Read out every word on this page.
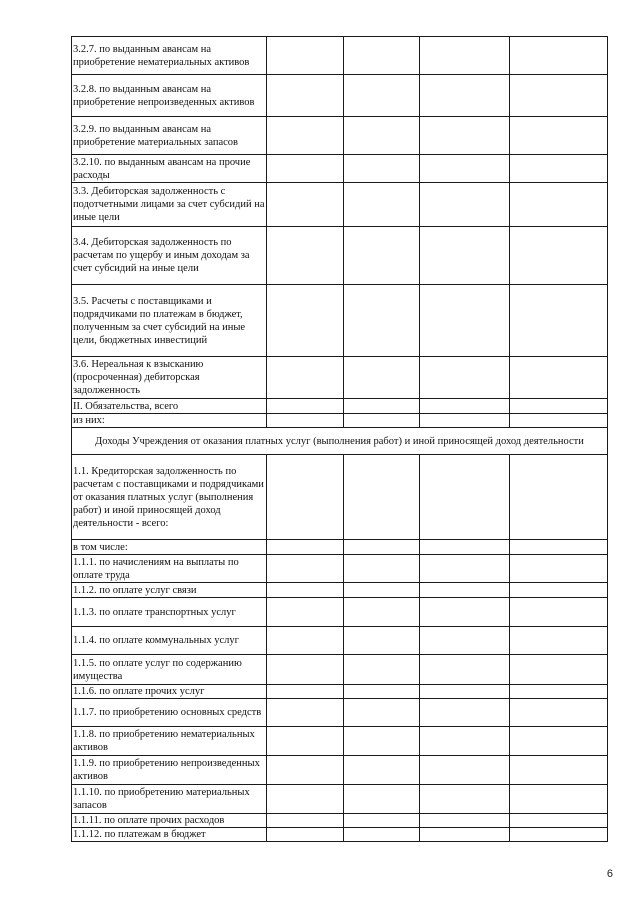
3.2.7. по выданным авансам на приобретение нематериальных активов				
3.2.8. по выданным авансам на приобретение непроизведенных активов				
3.2.9. по выданным авансам на приобретение материальных запасов				
3.2.10. по выданным авансам на прочие расходы				
3.3. Дебиторская задолженность с подотчетными лицами за счет субсидий на иные цели				
3.4. Дебиторская задолженность по расчетам по ущербу и иным доходам за счет субсидий на иные цели				
3.5. Расчеты с поставщиками и подрядчиками по платежам в бюджет, полученным за счет субсидий на иные цели, бюджетных инвестиций				
3.6. Нереальная к взысканию (просроченная) дебиторская задолженность				
II. Обязательства, всего				
из них:				
Доходы Учреждения от оказания платных услуг (выполнения работ) и иной приносящей доход деятельности				
1.1. Кредиторская задолженность по расчетам с поставщиками и подрядчиками от оказания платных услуг (выполнения работ) и иной приносящей доход деятельности - всего:				
в том числе:				
1.1.1. по начислениям на выплаты по оплате труда				
1.1.2. по оплате услуг связи				
1.1.3. по оплате транспортных услуг				
1.1.4. по оплате коммунальных услуг				
1.1.5. по оплате услуг по содержанию имущества				
1.1.6. по оплате прочих услуг				
1.1.7. по приобретению основных средств				
1.1.8. по приобретению нематериальных активов				
1.1.9. по приобретению непроизведенных активов				
1.1.10. по приобретению материальных запасов				
1.1.11. по оплате прочих расходов				
1.1.12. по платежам в бюджет				
6
